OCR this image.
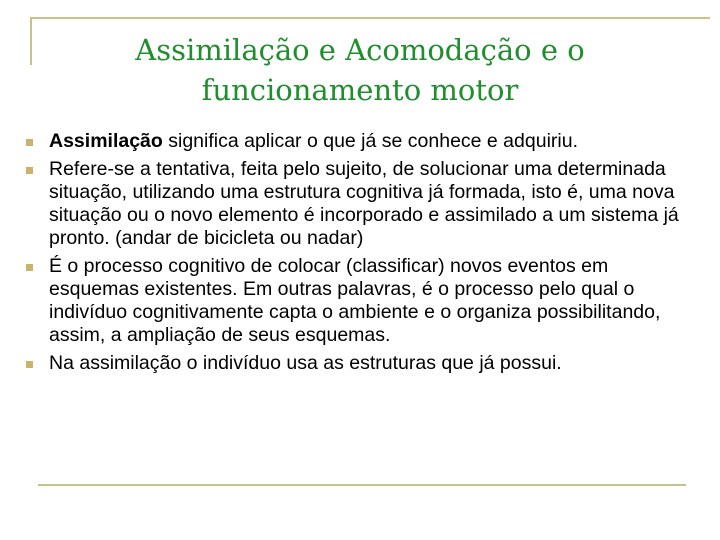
Assimilação e Acomodação e o
funcionamento motor
Assimilação significa aplicar o que já se conhece e adquiriu.
Refere-se a tentativa, feita pelo sujeito, de solucionar uma determinada situação, utilizando uma estrutura cognitiva já formada, isto é, uma nova situação ou o novo elemento é incorporado e assimilado a um sistema já pronto. (andar de bicicleta ou nadar)
É o processo cognitivo de colocar (classificar) novos eventos em esquemas existentes. Em outras palavras, é o processo pelo qual o indivíduo cognitivamente capta o ambiente e o organiza possibilitando, assim, a ampliação de seus esquemas.
Na assimilação o indivíduo usa as estruturas que já possui.
